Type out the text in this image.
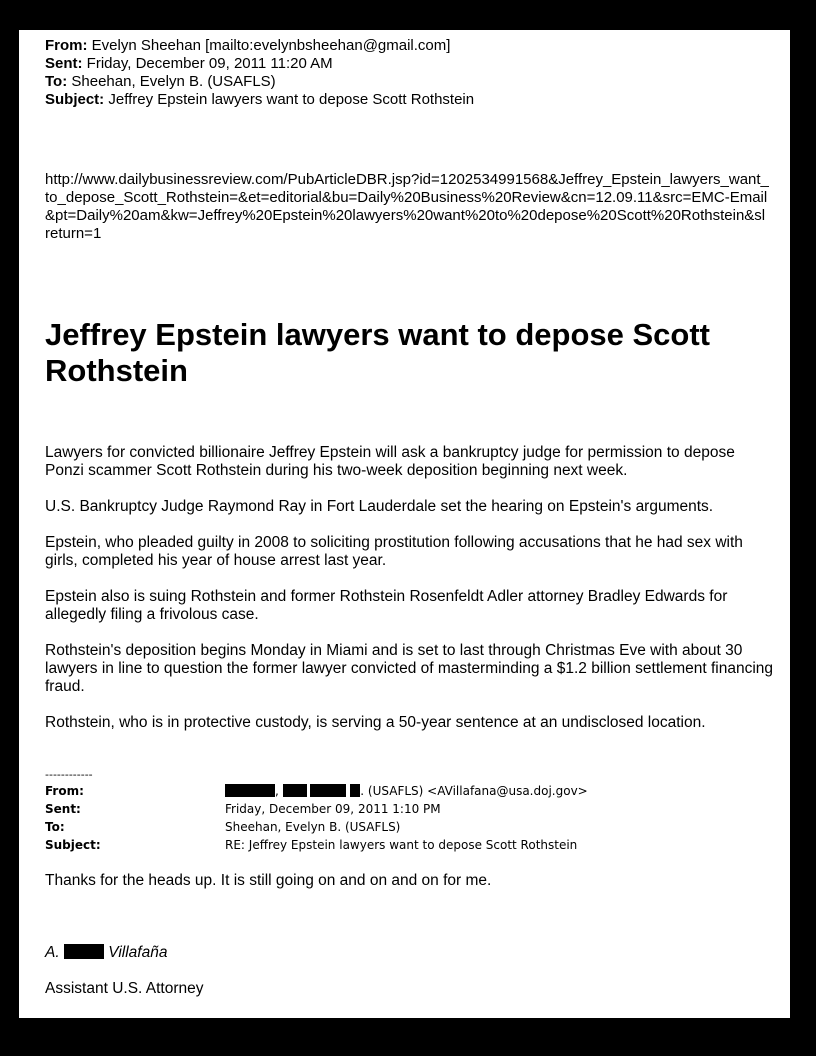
From: Evelyn Sheehan [mailto:evelynbsheehan@gmail.com]
Sent: Friday, December 09, 2011 11:20 AM
To: Sheehan, Evelyn B. (USAFLS)
Subject: Jeffrey Epstein lawyers want to depose Scott Rothstein
http://www.dailybusinessreview.com/PubArticleDBR.jsp?id=1202534991568&Jeffrey_Epstein_lawyers_want_to_depose_Scott_Rothstein=&et=editorial&bu=Daily%20Business%20Review&cn=12.09.11&src=EMC-Email&pt=Daily%20am&kw=Jeffrey%20Epstein%20lawyers%20want%20to%20depose%20Scott%20Rothstein&slreturn=1
Jeffrey Epstein lawyers want to depose Scott Rothstein

Lawyers for convicted billionaire Jeffrey Epstein will ask a bankruptcy judge for permission to depose Ponzi scammer Scott Rothstein during his two-week deposition beginning next week.

U.S. Bankruptcy Judge Raymond Ray in Fort Lauderdale set the hearing on Epstein's arguments.

Epstein, who pleaded guilty in 2008 to soliciting prostitution following accusations that he had sex with girls, completed his year of house arrest last year.

Epstein also is suing Rothstein and former Rothstein Rosenfeldt Adler attorney Bradley Edwards for allegedly filing a frivolous case.

Rothstein's deposition begins Monday in Miami and is set to last through Christmas Eve with about 30 lawyers in line to question the former lawyer convicted of masterminding a $1.2 billion settlement financing fraud.

Rothstein, who is in protective custody, is serving a 50-year sentence at an undisclosed location.

------------
From:	,	. (USAFLS) <AVillafana@usa.doj.gov>
Sent:	Friday, December 09, 2011 1:10 PM
To:	Sheehan, Evelyn B. (USAFLS)
Subject:	RE: Jeffrey Epstein lawyers want to depose Scott Rothstein
Thanks for the heads up. It is still going on and on and on for me.
A.	Villafaña
Assistant U.S. Attorney
